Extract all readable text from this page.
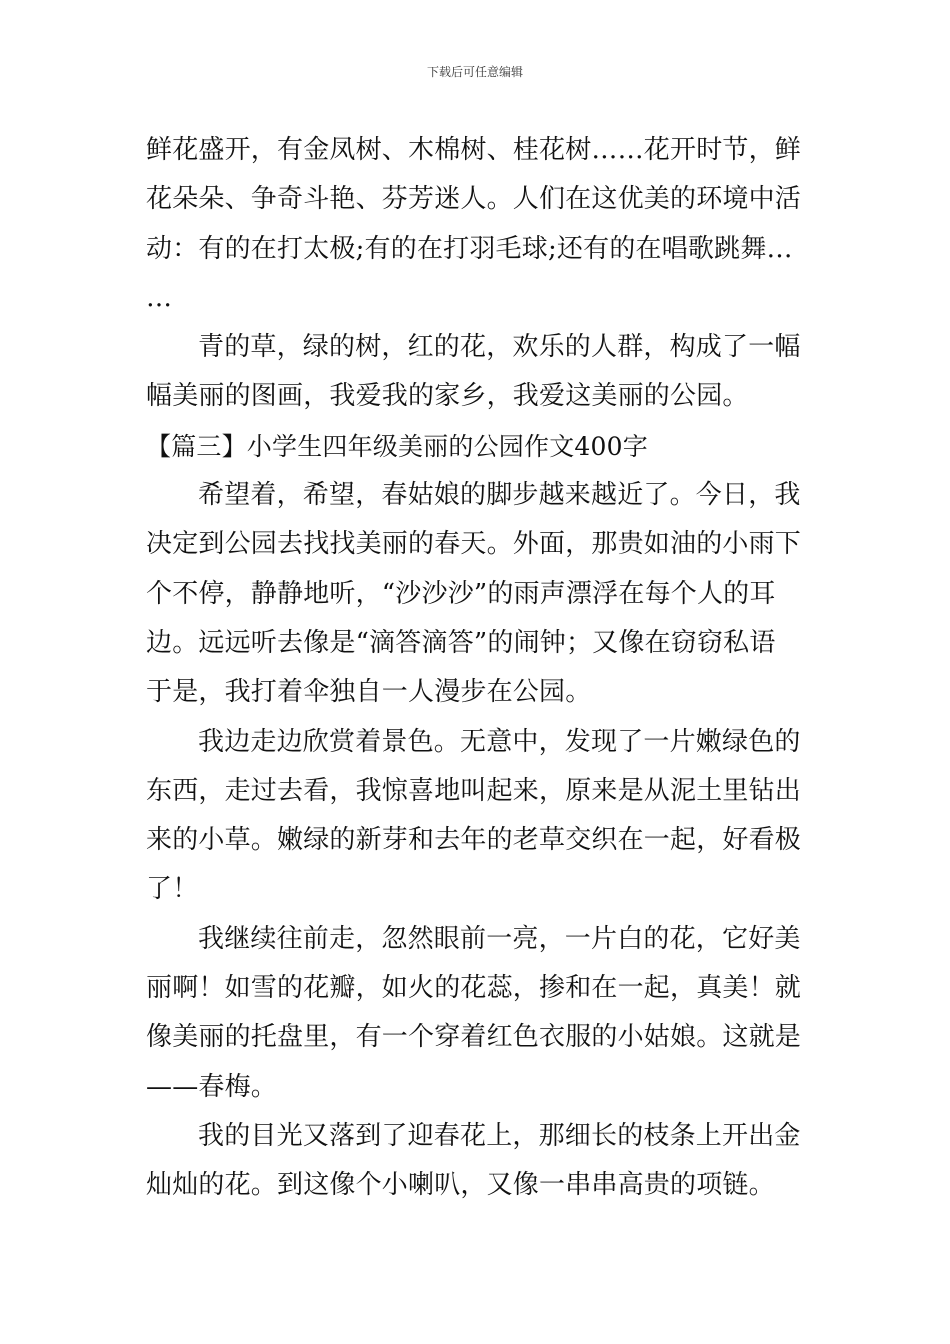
下载后可任意编辑
鲜花盛开，有金凤树、木棉树、桂花树……花开时节，鲜
花朵朵、争奇斗艳、芬芳迷人。人们在这优美的环境中活
动：有的在打太极;有的在打羽毛球;还有的在唱歌跳舞…
…
青的草，绿的树，红的花，欢乐的人群，构成了一幅
幅美丽的图画，我爱我的家乡，我爱这美丽的公园。
【篇三】小学生四年级美丽的公园作文400字
希望着，希望，春姑娘的脚步越来越近了。今日，我
决定到公园去找找美丽的春天。外面，那贵如油的小雨下
个不停，静静地听，“沙沙沙”的雨声漂浮在每个人的耳
边。远远听去像是“滴答滴答”的闹钟；又像在窃窃私语
于是，我打着伞独自一人漫步在公园。
我边走边欣赏着景色。无意中，发现了一片嫩绿色的
东西，走过去看，我惊喜地叫起来，原来是从泥土里钻出
来的小草。嫩绿的新芽和去年的老草交织在一起，好看极
了！
我继续往前走，忽然眼前一亮，一片白的花，它好美
丽啊！如雪的花瓣，如火的花蕊，掺和在一起，真美！就
像美丽的托盘里，有一个穿着红色衣服的小姑娘。这就是
——春梅。
我的目光又落到了迎春花上，那细长的枝条上开出金
灿灿的花。到这像个小喇叭，又像一串串高贵的项链。
